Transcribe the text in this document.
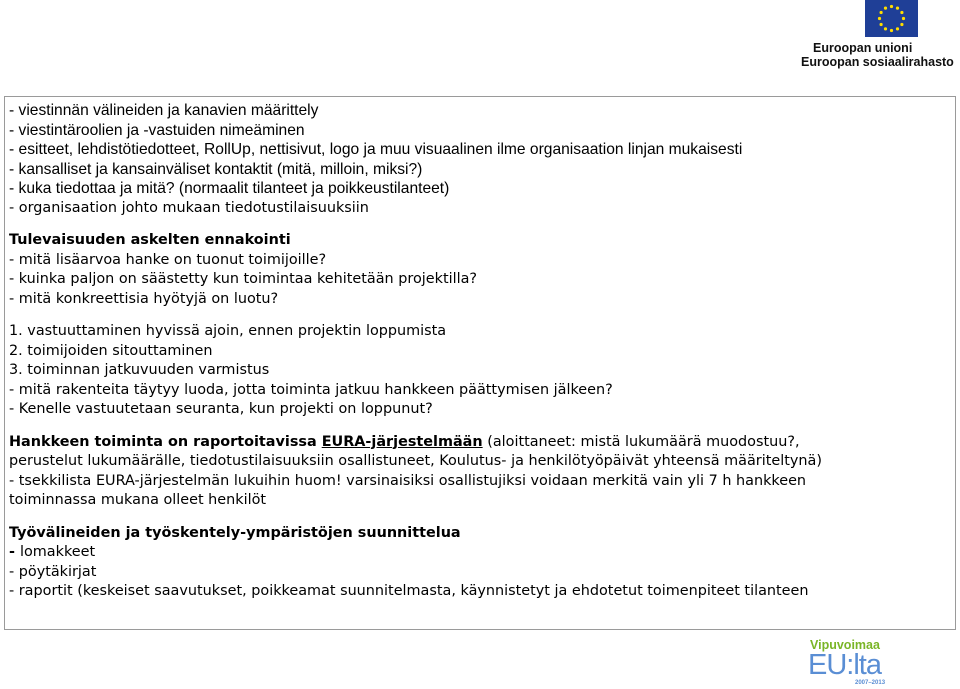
Euroopan unioni
Euroopan sosiaalirahasto
- viestinnän välineiden ja kanavien määrittely
- viestintäroolien ja -vastuiden nimeäminen
- esitteet, lehdistötiedotteet, RollUp, nettisivut, logo ja muu visuaalinen ilme organisaation linjan mukaisesti
- kansalliset ja kansainväliset kontaktit (mitä, milloin, miksi?)
- kuka tiedottaa ja mitä? (normaalit tilanteet ja poikkeustilanteet)
- organisaation johto mukaan tiedotustilaisuuksiin
Tulevaisuuden askelten ennakointi
- mitä lisäarvoa hanke on tuonut toimijoille?
- kuinka paljon on säästetty kun toimintaa kehitetään projektilla?
- mitä konkreettisia hyötyjä on luotu?
1. vastuuttaminen hyvissä ajoin, ennen projektin loppumista
2. toimijoiden sitouttaminen
3. toiminnan jatkuvuuden varmistus
- mitä rakenteita täytyy luoda, jotta toiminta jatkuu hankkeen päättymisen jälkeen?
- Kenelle vastuutetaan seuranta, kun projekti on loppunut?
Hankkeen toiminta on raportoitavissa EURA-järjestelmään (aloittaneet: mistä lukumäärä muodostuu?,
perustelut lukumäärälle, tiedotustilaisuuksiin osallistuneet, Koulutus- ja henkilötyöpäivät yhteensä määriteltynä)
- tsekkilista EURA-järjestelmän lukuihin huom! varsinaisiksi osallistujiksi voidaan merkitä vain yli 7 h hankkeen
toiminnassa mukana olleet henkilöt
Työvälineiden ja työskentely-ympäristöjen suunnittelua
- lomakkeet
- pöytäkirjat
- raportit (keskeiset saavutukset, poikkeamat suunnitelmasta, käynnistetyt ja ehdotetut toimenpiteet tilanteen
Vipuvoimaa
EU:lta
2007–2013
